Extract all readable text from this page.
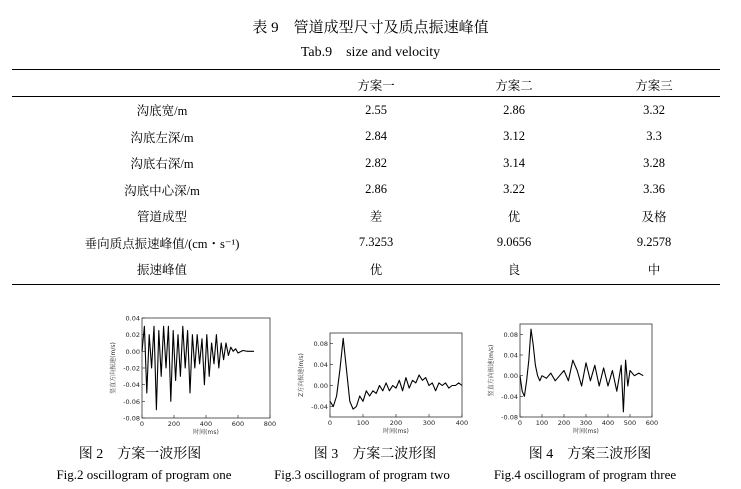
表 9　管道成型尺寸及质点振速峰值
Tab.9　size and velocity
	方案一	方案二	方案三
沟底宽/m	2.55	2.86	3.32
沟底左深/m	2.84	3.12	3.3
沟底右深/m	2.82	3.14	3.28
沟底中心深/m	2.86	3.22	3.36
管道成型	差	优	及格
垂向质点振速峰值/(cm・s⁻¹)	7.3253	9.0656	9.2578
振速峰值	优	良	中
0.04
0.02
0.00
-0.02
-0.04
-0.06
-0.08
0	200	400	600	800
时间(ms)
竖直方向振速(m/s)	0.08
0.04
0.00
-0.04
0	100	200	300	400
时间(ms)
Z方向振速(m/s)
0.08
0.04
0.00
-0.04
-0.08
0 100 200 300 400 500 600
时间(ms)
竖直方向振速(m/s)
图 2　方案一波形图	图 3　方案二波形图	图 4　方案三波形图
Fig.2 oscillogram of program one	Fig.3 oscillogram of program two	Fig.4 oscillogram of program three
